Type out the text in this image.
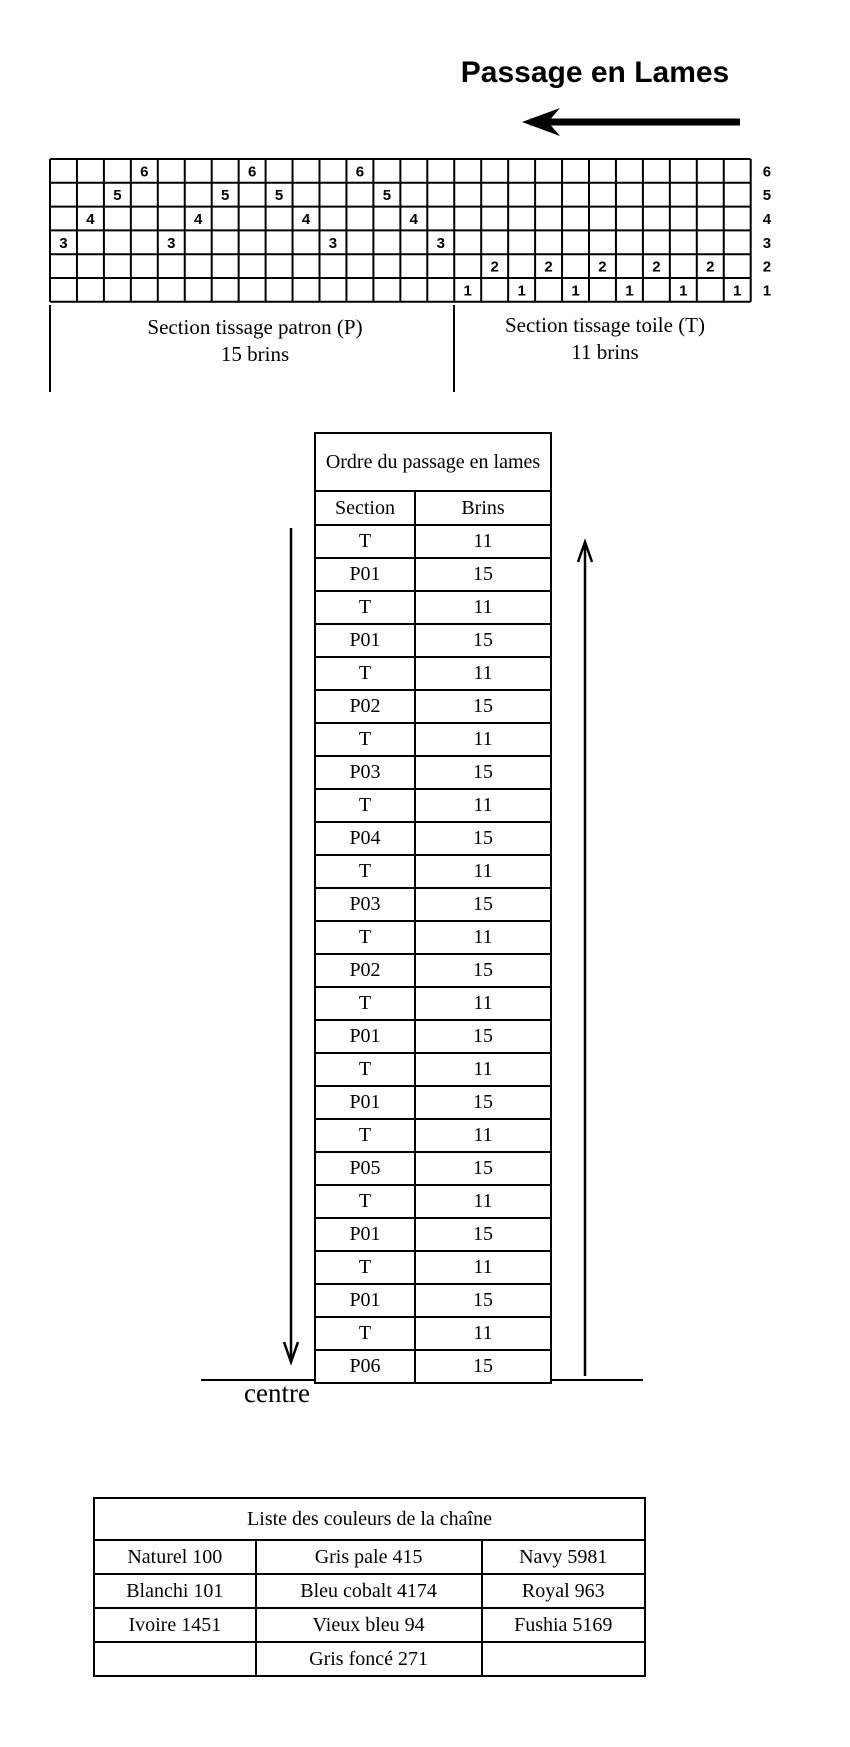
Passage en Lames
6	6	6
5	5	5	5
4	4	4	4
3	3	3	3
2	2	2	2	2
1	1	1	1	1	1
6
5
4
3
2
1
Section tissage patron (P)
15 brins
Section tissage toile (T)
11 brins
centre
Ordre du passage en lames	
Section	Brins
T	11
P01	15
T	11
P01	15
T	11
P02	15
T	11
P03	15
T	11
P04	15
T	11
P03	15
T	11
P02	15
T	11
P01	15
T	11
P01	15
T	11
P05	15
T	11
P01	15
T	11
P01	15
T	11
P06	15
Liste des couleurs de la chaîne		
Naturel 100	Gris pale 415	Navy 5981
Blanchi 101	Bleu cobalt 4174	Royal 963
Ivoire 1451	Vieux bleu 94	Fushia 5169
	Gris foncé 271	
